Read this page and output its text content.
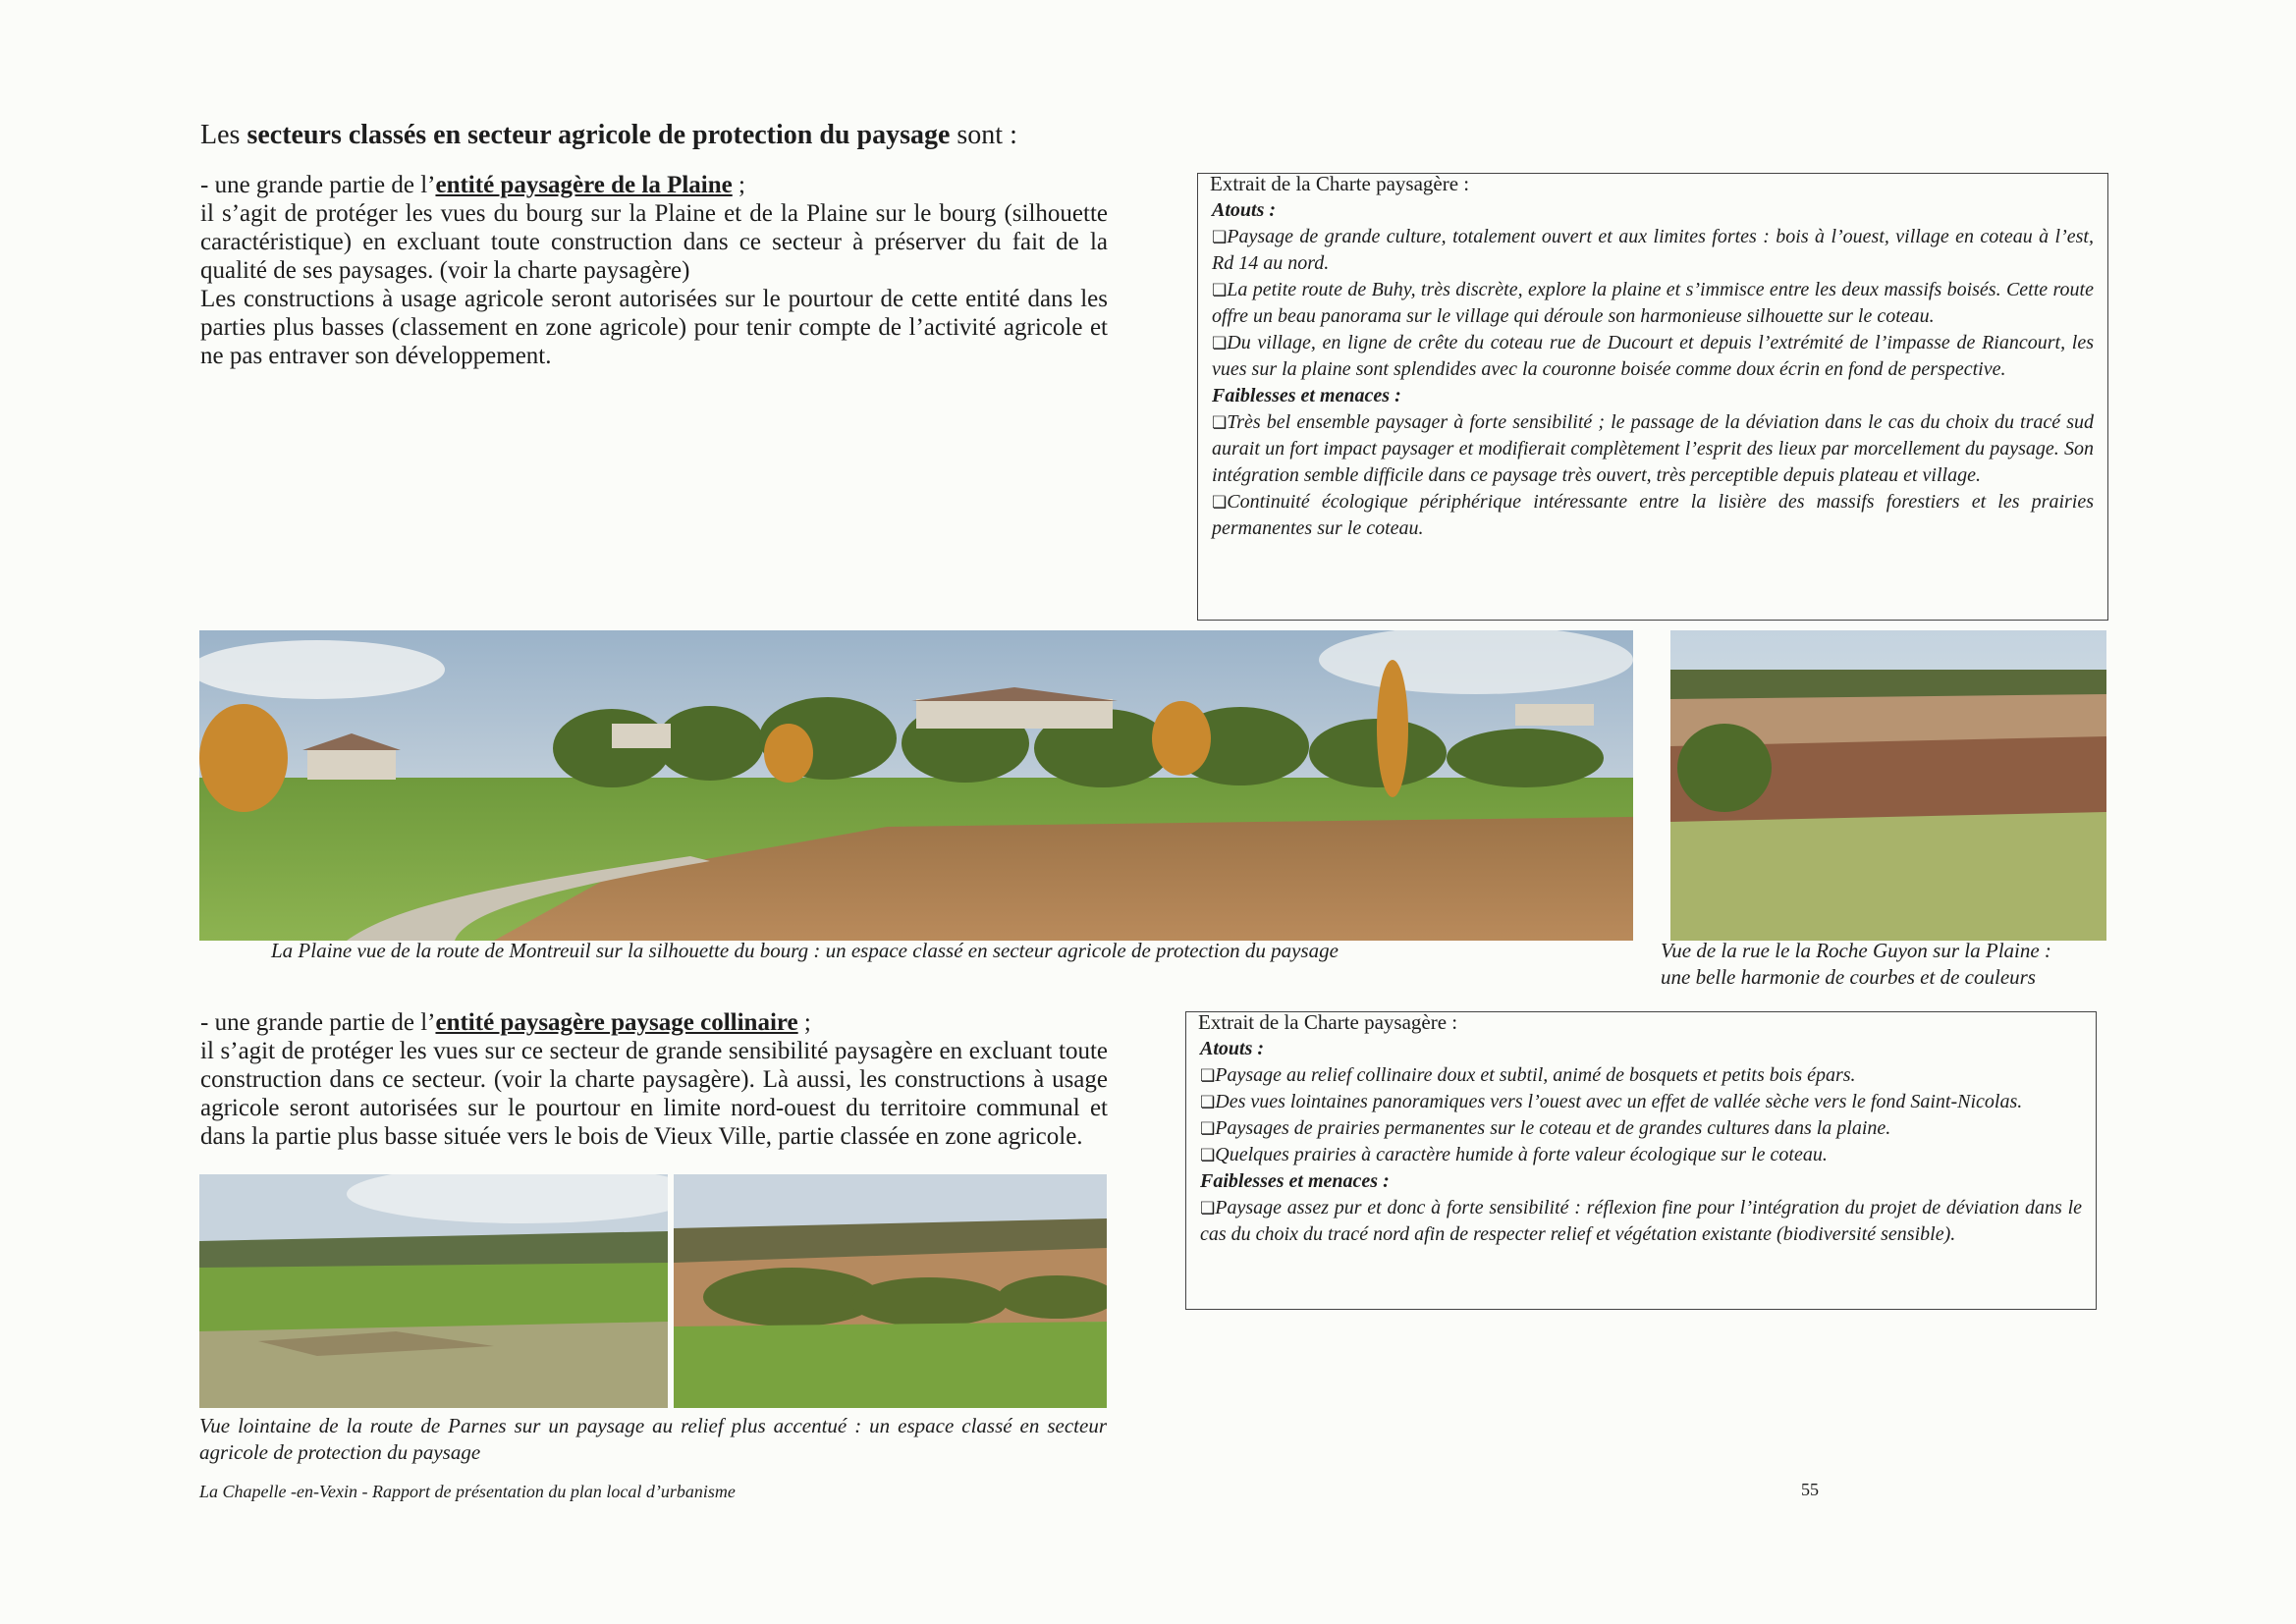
Les secteurs classés en secteur agricole de protection du paysage sont :

- une grande partie de l’entité paysagère de la Plaine ;

il s’agit de protéger les vues du bourg sur la Plaine et de la Plaine sur le bourg (silhouette caractéristique) en excluant toute construction dans ce secteur à préserver du fait de la qualité de ses paysages. (voir la charte paysagère)

Les constructions à usage agricole seront autorisées sur le pourtour de cette entité dans les parties plus basses (classement en zone agricole) pour tenir compte de l’activité agricole et ne pas entraver son développement.

Extrait de la Charte paysagère :
Atouts :
❏ Paysage de grande culture, totalement ouvert et aux limites fortes : bois à l’ouest, village en coteau à l’est, Rd 14 au nord.
❏ La petite route de Buhy, très discrète, explore la plaine et s’immisce entre les deux massifs boisés. Cette route offre un beau panorama sur le village qui déroule son harmonieuse silhouette sur le coteau.
❏ Du village, en ligne de crête du coteau rue de Ducourt et depuis l’extrémité de l’impasse de Riancourt, les vues sur la plaine sont splendides avec la couronne boisée comme doux écrin en fond de perspective.
Faiblesses et menaces :
❏ Très bel ensemble paysager à forte sensibilité ; le passage de la déviation dans le cas du choix du tracé sud aurait un fort impact paysager et modifierait complètement l’esprit des lieux par morcellement du paysage. Son intégration semble difficile dans ce paysage très ouvert, très perceptible depuis plateau et village.
❏ Continuité écologique périphérique intéressante entre la lisière des massifs forestiers et les prairies permanentes sur le coteau.
La Plaine vue de la route de Montreuil sur la silhouette du bourg : un espace classé en secteur agricole de protection du paysage	Vue de la rue le la Roche Guyon sur la Plaine :
une belle harmonie de courbes et de couleurs

- une grande partie de l’entité paysagère paysage collinaire ;

il s’agit de protéger les vues sur ce secteur de grande sensibilité paysagère en excluant toute construction dans ce secteur. (voir la charte paysagère). Là aussi, les constructions à usage agricole seront autorisées sur le pourtour en limite nord-ouest du territoire communal et dans la partie plus basse située vers le bois de Vieux Ville, partie classée en zone agricole.

Extrait de la Charte paysagère :
Atouts :
❏ Paysage au relief collinaire doux et subtil, animé de bosquets et petits bois épars.
❏ Des vues lointaines panoramiques vers l’ouest avec un effet de vallée sèche vers le fond Saint-Nicolas.
❏ Paysages de prairies permanentes sur le coteau et de grandes cultures dans la plaine.
❏ Quelques prairies à caractère humide à forte valeur écologique sur le coteau.
Faiblesses et menaces :
❏ Paysage assez pur et donc à forte sensibilité : réflexion fine pour l’intégration du projet de déviation dans le cas du choix du tracé nord afin de respecter relief et végétation existante (biodiversité sensible).
Vue lointaine de la route de Parnes sur un paysage au relief plus accentué : un espace classé en secteur agricole de protection du paysage
La Chapelle -en-Vexin - Rapport de présentation du plan local d’urbanisme	55
